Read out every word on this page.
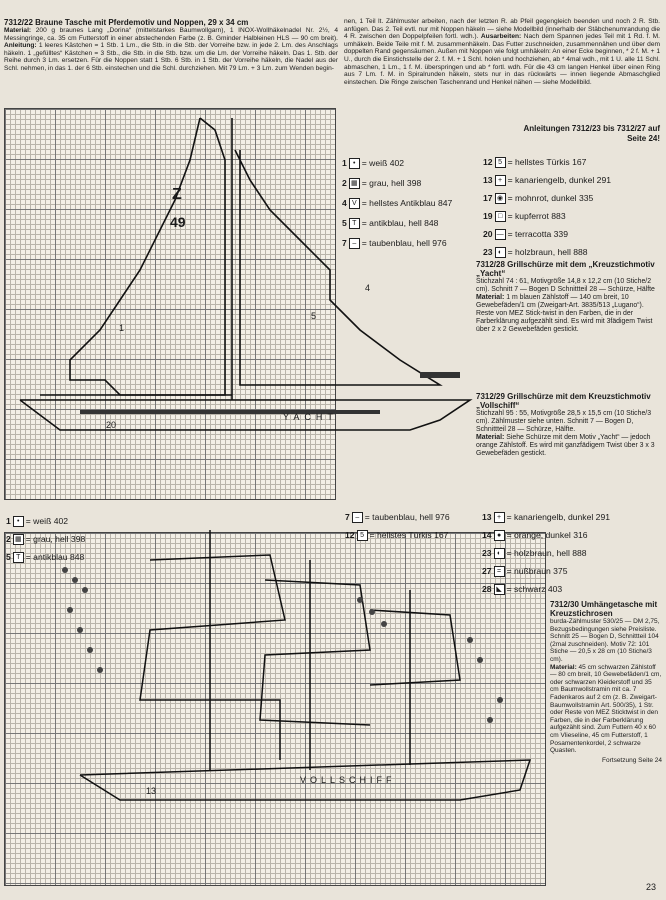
7312/22 Braune Tasche mit Pferdemotiv und Noppen, 29 x 34 cm
Material: 200 g braunes Lang „Dorina“ (mittelstarkes Baumwollgarn), 1 INOX-Wollhäkelnadel Nr. 2½, 4 Messingringe, ca. 35 cm Futterstoff in einer abstechenden Farbe (z. B. Gminder Halbleinen HLS — 90 cm breit). Anleitung: 1 leeres Kästchen = 1 Stb. 1 Lm., die Stb. in die Stb. der Vorreihe bzw. in jede 2. Lm. des Anschlags häkeln. 1 „gefülltes“ Kästchen = 3 Stb., die Stb. in die Stb. bzw. um die Lm. der Vorreihe häkeln. Das 1. Stb. der Reihe durch 3 Lm. ersetzen. Für die Noppen statt 1 Stb. 6 Stb. in 1 Stb. der Vorreihe häkeln, die Nadel aus der Schl. nehmen, in das 1. der 6 Stb. einstechen und die Schl. durchziehen. Mit 79 Lm. + 3 Lm. zum Wenden begin-
nen, 1 Teil lt. Zählmuster arbeiten, nach der letzten R. ab Pfeil gegengleich beenden und noch 2 R. Stb. anfügen. Das 2. Teil evtl. nur mit Noppen häkeln — siehe Modellbild (innerhalb der Stäbchenumrandung die 4 R. zwischen den Doppelpfeilen fortl. wdh.). Ausarbeiten: Nach dem Spannen jedes Teil mit 1 Rd. f. M. umhäkeln. Beide Teile mit f. M. zusammenhäkeln. Das Futter zuschneiden, zusammennähen und über dem doppelten Rand gegensäumen. Außen mit Noppen wie folgt umhäkeln: An einer Ecke beginnen, * 2 f. M. + 1 U., durch die Einstichstelle der 2. f. M. + 1 Schl. holen und hochziehen, ab * 4mal wdh., mit 1 U. alle 11 Schl. abmaschen, 1 Lm., 1 f. M. überspringen und ab * fortl. wdh. Für die 43 cm langen Henkel über einen Ring aus 7 Lm. f. M. in Spiralrunden häkeln, stets nur in das rückwärts — innen liegende Abmaschglied einstechen. Die Ringe zwischen Taschenrand und Henkel nähen — siehe Modellbild.
Anleitungen 7312/23 bis 7312/27 auf Seite 24!
Z
49
1
4
5
20
YACHT
1 • = weiß 402
2 ▦ = grau, hell 398
4 V = hellstes Antikblau 847
5 T = antikblau, hell 848
7 – = taubenblau, hell 976
12 5 = hellstes Türkis 167
13 + = kanariengelb, dunkel 291
17 ◉ = mohnrot, dunkel 335
19 □ = kupferrot 883
20 — = terracotta 339
23 ◐ = holzbraun, hell 888
7312/28 Grillschürze mit dem „Kreuzstichmotiv „Yacht“
Stichzahl 74 : 61, Motivgröße 14,8 x 12,2 cm (10 Stiche/2 cm). Schnitt 7 — Bogen D Schnittteil 28 — Schürze, Hälfte
Material: 1 m blauen Zählstoff — 140 cm breit, 10 Gewebefäden/1 cm (Zweigart-Art. 3835/513 „Lugano“). Reste von MEZ Stick-twist in den Farben, die in der Farberklärung aufgezählt sind. Es wird mit 3fädigem Twist über 2 x 2 Gewebefäden gestickt.
7312/29 Grillschürze mit dem Kreuzstichmotiv „Vollschiff“
Stichzahl 95 : 55, Motivgröße 28,5 x 15,5 cm (10 Stiche/3 cm). Zählmuster siehe unten. Schnitt 7 — Bogen D, Schnittteil 28 — Schürze, Hälfte.
Material: Siehe Schürze mit dem Motiv „Yacht“ — jedoch orange Zählstoff. Es wird mit ganzfädigem Twist über 3 x 3 Gewebefäden gestickt.
VOLLSCHIFF
13
1 • = weiß 402
2 ▦ = grau, hell 398
5 T = antikblau 848
7 – = taubenblau, hell 976
12 5 = hellstes Türkis 167
13 + = kanariengelb, dunkel 291
14 ● = orange, dunkel 316
23 ◐ = holzbraun, hell 888
27 = = nußbraun 375
28 ◣ = schwarz 403
7312/30 Umhängetasche mit Kreuzstichrosen
burda-Zählmuster 530/25 — DM 2,75, Bezugsbedingungen siehe Preisliste. Schnitt 25 — Bogen D, Schnittteil 104 (2mal zuschneiden). Motiv 72: 101 Stiche — 20,5 x 28 cm (10 Stiche/3 cm).
Material: 45 cm schwarzen Zählstoff — 80 cm breit, 10 Gewebefäden/1 cm, oder schwarzen Kleiderstoff und 35 cm Baumwollstramin mit ca. 7 Fadenkaros auf 2 cm (z. B. Zweigart-Baumwollstramin Art. 500/35), 1 Str. oder Reste von MEZ Sticktwist in den Farben, die in der Farberklärung aufgezählt sind. Zum Futtern 40 x 60 cm Vlieseline, 45 cm Futterstoff, 1 Posamentenkordel, 2 schwarze Quasten.
Fortsetzung Seite 24
23
